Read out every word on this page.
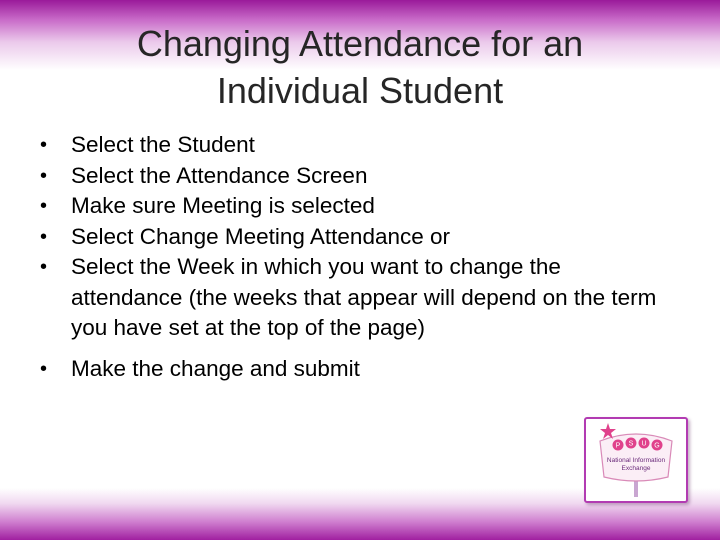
Changing Attendance for an
Individual Student
• Select the Student
• Select the Attendance Screen
• Make sure Meeting is selected
• Select Change Meeting Attendance or
• Select the Week in which you want to change the attendance (the weeks that appear will depend on the term you have set at the top of the page)
• Make the change and submit
P S U G
National Information
Exchange
